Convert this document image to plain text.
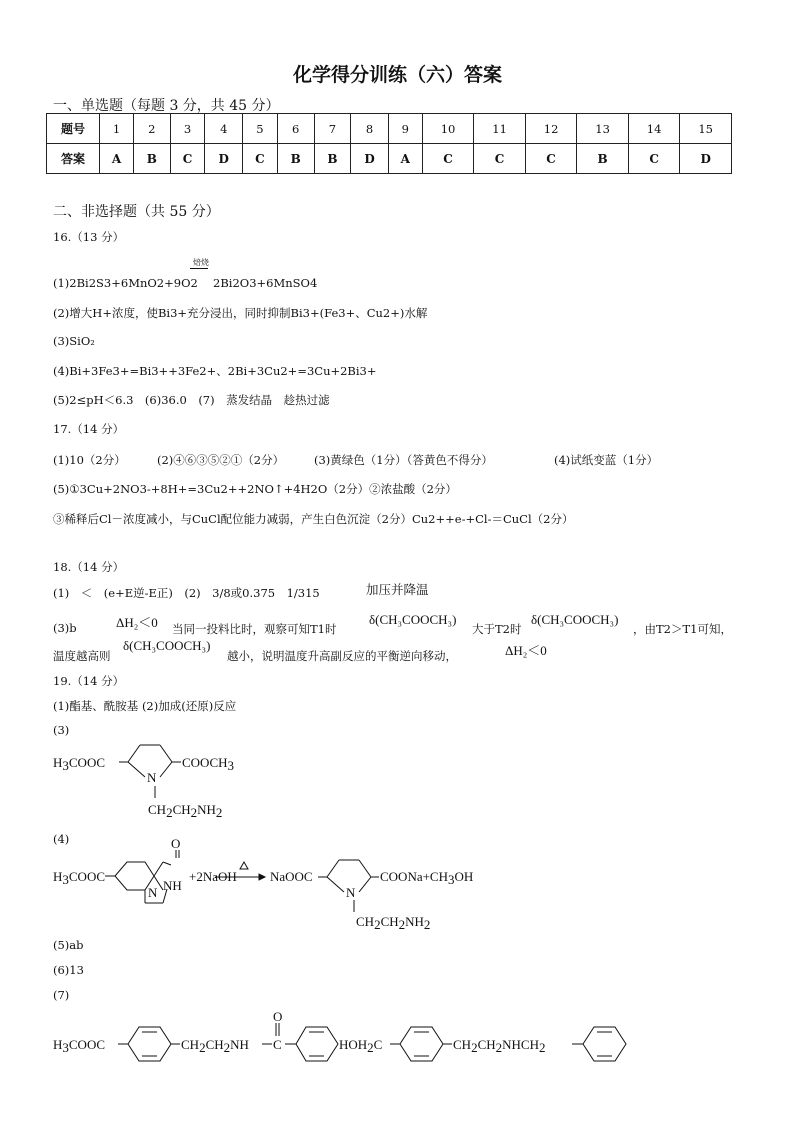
化学得分训练（六）答案
一、单选题（每题 3 分，共 45 分）
题号	1	2	3	4	5	6	7	8	9	10	11	12	13	14	15
答案	A	B	C	D	C	B	B	D	A	C	C	C	B	C	D
二、非选择题（共 55 分）
16.（13 分）
焙烧
(1)2Bi2S3+6MnO2+9O2 2Bi2O3+6MnSO4
(2)增大H+浓度，使Bi3+充分浸出，同时抑制Bi3+(Fe3+、Cu2+)水解
(3)SiO₂
(4)Bi+3Fe3+=Bi3++3Fe2+、2Bi+3Cu2+=3Cu+2Bi3+
(5)2≤pH＜6.3　(6)36.0　(7)　蒸发结晶　趁热过滤
17.（14 分）
(1)10（2分）	(2)④⑥③⑤②①（2分）	(3)黄绿色（1分）（答黄色不得分）	(4)试纸变蓝（1分）
(5)①3Cu+2NO3-+8H+=3Cu2++2NO↑+4H2O（2分）②浓盐酸（2分）
③稀释后Cl－浓度减小，与CuCl配位能力减弱，产生白色沉淀（2分）Cu2++e-+Cl-＝CuCl（2分）
18.（14 分）
(1)　＜　(e+E逆-E正)　(2)　3/8或0.375　1/315	加压并降温
(3)b	ΔH₂＜0 当同一投料比时，观察可知T1时
δ(CH₃COOCH₃)
大于T2时
δ(CH₃COOCH₃)
，由T2＞T1可知，
温度越高则
δ(CH₃COOCH₃)
越小，说明温度升高副反应的平衡逆向移动，	ΔH₂＜0
19.（14 分）
(1)酯基、酰胺基 (2)加成(还原)反应
(3)
H3COOC
N
COOCH3
CH2CH2NH2
(4)
H3COOC
O
N NH
+2NaOH	NaOOC
N
COONa+CH3OH
CH2CH2NH2
(5)ab
(6)13
(7)
H3COOC	CH2CH2NH
O
C	HOH2C	CH2CH2NHCH2
